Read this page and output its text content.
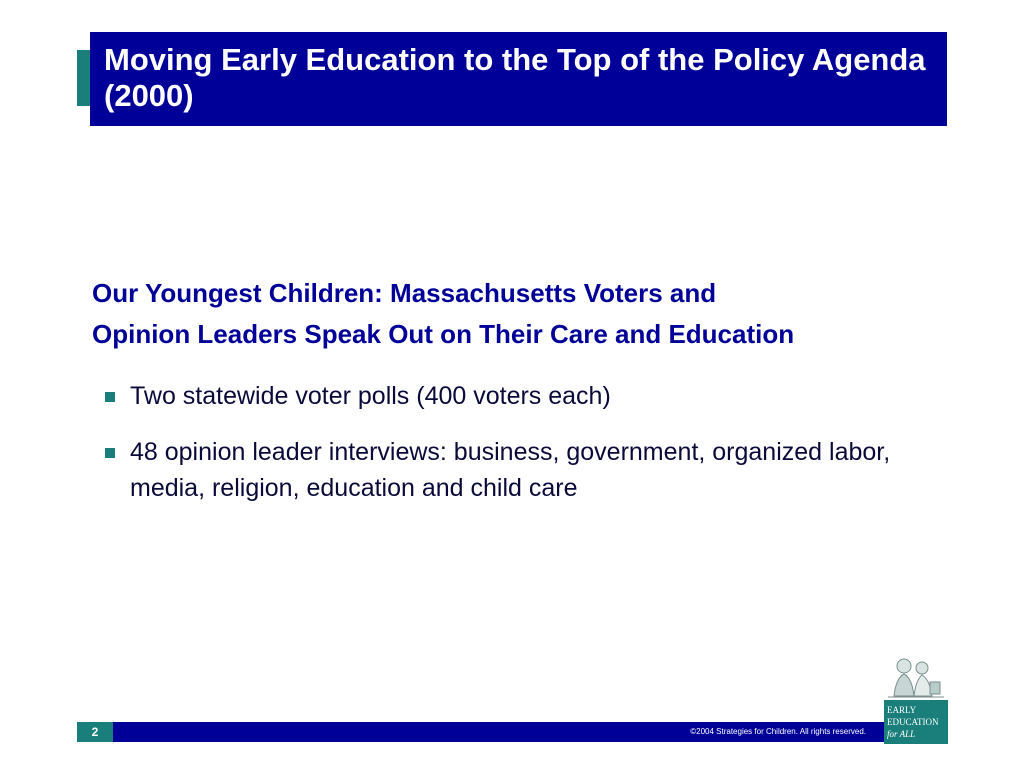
Moving Early Education to the Top of the Policy Agenda (2000)
Our Youngest Children: Massachusetts Voters and
Opinion Leaders Speak Out on Their Care and Education
Two statewide voter polls (400 voters each)
48 opinion leader interviews: business, government, organized labor, media, religion, education and child care
©2004 Strategies for Children. All rights reserved.
2
EARLY
EDUCATION
for ALL
